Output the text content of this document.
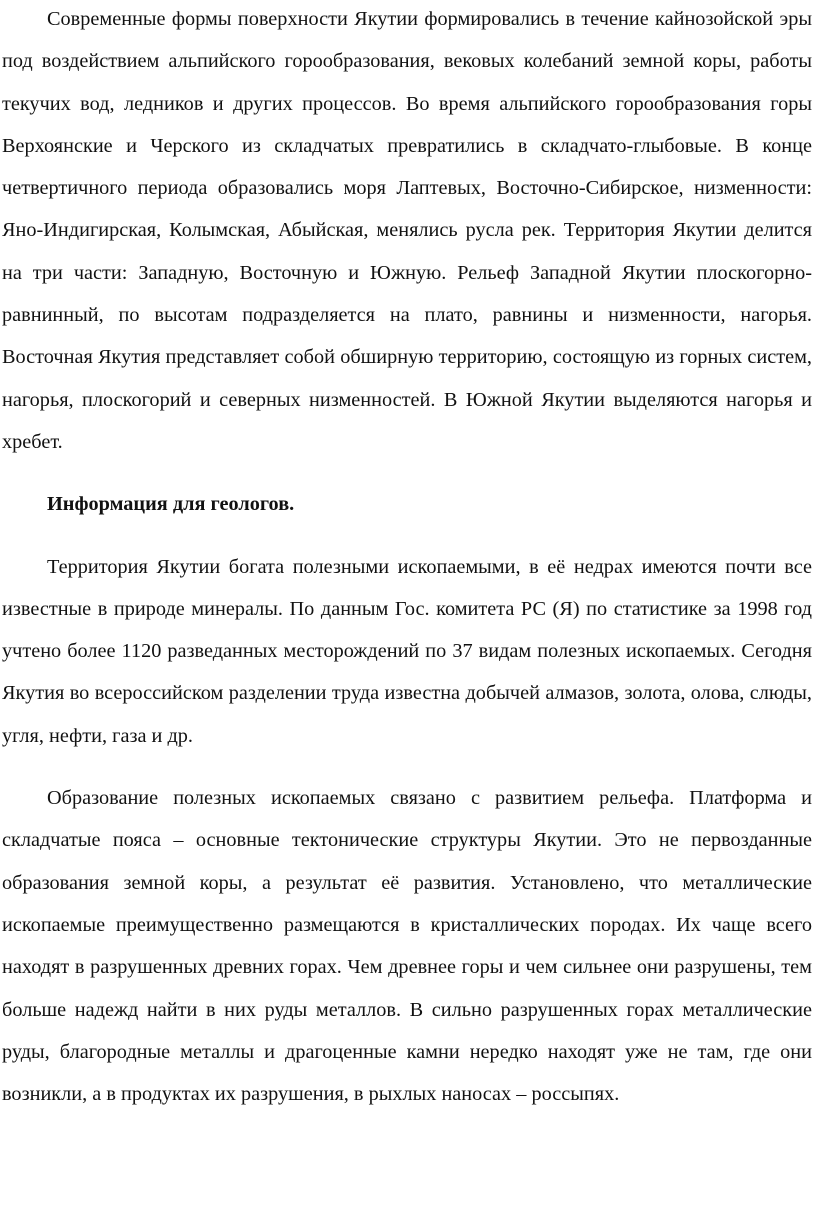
Современные формы поверхности Якутии формировались в течение кайнозойской эры под воздействием альпийского горообразования, вековых колебаний земной коры, работы текучих вод, ледников и других процессов. Во время альпийского горообразования горы Верхоянские и Черского из складчатых превратились в складчато-глыбовые. В конце четвертичного периода образовались моря Лаптевых, Восточно-Сибирское, низменности: Яно-Индигирская, Колымская, Абыйская, менялись русла рек. Территория Якутии делится на три части: Западную, Восточную и Южную. Рельеф Западной Якутии плоскогорно-равнинный, по высотам подразделяется на плато, равнины и низменности, нагорья. Восточная Якутия представляет собой обширную территорию, состоящую из горных систем, нагорья, плоскогорий и северных низменностей. В Южной Якутии выделяются нагорья и хребет.

Информация для геологов.

Территория Якутии богата полезными ископаемыми, в её недрах имеются почти все известные в природе минералы. По данным Гос. комитета РС (Я) по статистике за 1998 год учтено более 1120 разведанных месторождений по 37 видам полезных ископаемых. Сегодня Якутия во всероссийском разделении труда известна добычей алмазов, золота, олова, слюды, угля, нефти, газа и др.

Образование полезных ископаемых связано с развитием рельефа. Платформа и складчатые пояса – основные тектонические структуры Якутии. Это не первозданные образования земной коры, а результат её развития. Установлено, что металлические ископаемые преимущественно размещаются в кристаллических породах. Их чаще всего находят в разрушенных древних горах. Чем древнее горы и чем сильнее они разрушены, тем больше надежд найти в них руды металлов. В сильно разрушенных горах металлические руды, благородные металлы и драгоценные камни нередко находят уже не там, где они возникли, а в продуктах их разрушения, в рыхлых наносах – россыпях.
